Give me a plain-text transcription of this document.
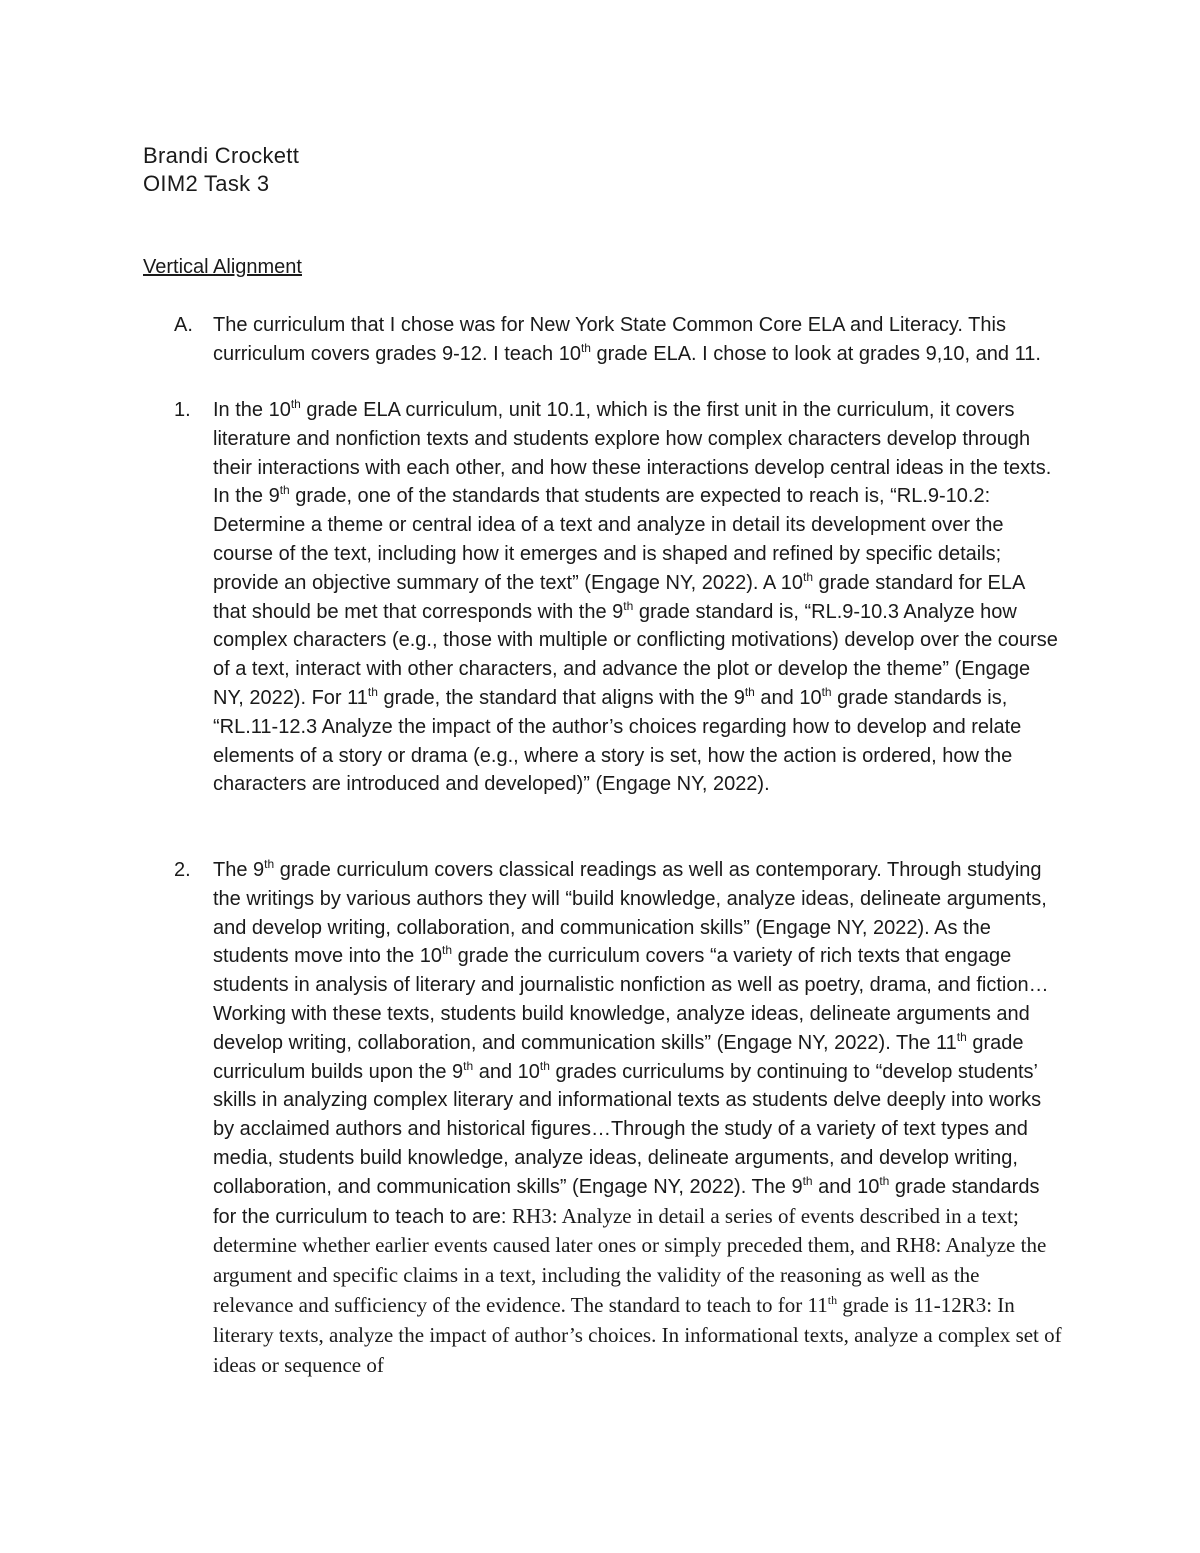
Brandi Crockett
OIM2 Task 3
Vertical Alignment
A. The curriculum that I chose was for New York State Common Core ELA and Literacy. This curriculum covers grades 9-12. I teach 10th grade ELA. I chose to look at grades 9,10, and 11.
1. In the 10th grade ELA curriculum, unit 10.1, which is the first unit in the curriculum, it covers literature and nonfiction texts and students explore how complex characters develop through their interactions with each other, and how these interactions develop central ideas in the texts. In the 9th grade, one of the standards that students are expected to reach is, “RL.9-10.2: Determine a theme or central idea of a text and analyze in detail its development over the course of the text, including how it emerges and is shaped and refined by specific details; provide an objective summary of the text” (Engage NY, 2022). A 10th grade standard for ELA that should be met that corresponds with the 9th grade standard is, “RL.9-10.3 Analyze how complex characters (e.g., those with multiple or conflicting motivations) develop over the course of a text, interact with other characters, and advance the plot or develop the theme” (Engage NY, 2022). For 11th grade, the standard that aligns with the 9th and 10th grade standards is, “RL.11-12.3 Analyze the impact of the author’s choices regarding how to develop and relate elements of a story or drama (e.g., where a story is set, how the action is ordered, how the characters are introduced and developed)” (Engage NY, 2022).
2. The 9th grade curriculum covers classical readings as well as contemporary. Through studying the writings by various authors they will “build knowledge, analyze ideas, delineate arguments, and develop writing, collaboration, and communication skills” (Engage NY, 2022). As the students move into the 10th grade the curriculum covers “a variety of rich texts that engage students in analysis of literary and journalistic nonfiction as well as poetry, drama, and fiction… Working with these texts, students build knowledge, analyze ideas, delineate arguments and develop writing, collaboration, and communication skills” (Engage NY, 2022). The 11th grade curriculum builds upon the 9th and 10th grades curriculums by continuing to “develop students’ skills in analyzing complex literary and informational texts as students delve deeply into works by acclaimed authors and historical figures…Through the study of a variety of text types and media, students build knowledge, analyze ideas, delineate arguments, and develop writing, collaboration, and communication skills” (Engage NY, 2022). The 9th and 10th grade standards for the curriculum to teach to are: RH3: Analyze in detail a series of events described in a text; determine whether earlier events caused later ones or simply preceded them, and RH8: Analyze the argument and specific claims in a text, including the validity of the reasoning as well as the relevance and sufficiency of the evidence. The standard to teach to for 11th grade is 11-12R3: In literary texts, analyze the impact of author’s choices. In informational texts, analyze a complex set of ideas or sequence of
